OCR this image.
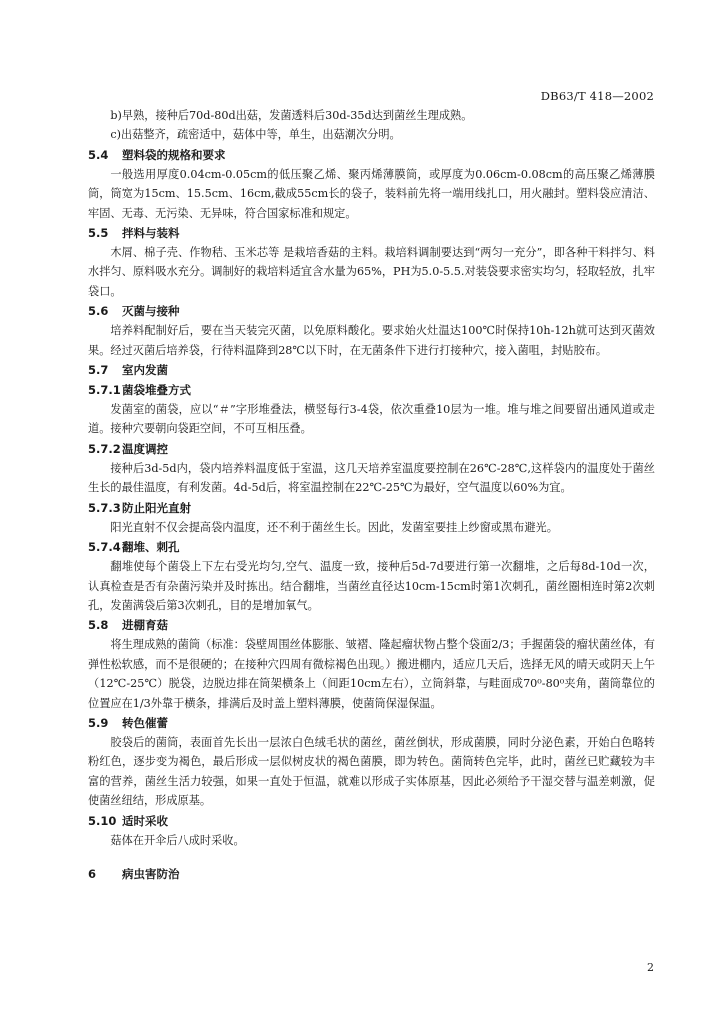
DB63/T 418—2002

b)早熟，接种后70d-80d出菇，发菌透料后30d-35d达到菌丝生理成熟。

c)出菇整齐，疏密适中，菇体中等，单生，出菇潮次分明。

5.4 塑料袋的规格和要求

一般选用厚度0.04cm-0.05cm的低压聚乙烯、聚丙烯薄膜筒，或厚度为0.06cm-0.08cm的高压聚乙烯薄膜筒，筒宽为15cm、15.5cm、16cm,截成55cm长的袋子，装料前先将一端用线扎口，用火融封。塑料袋应清洁、牢固、无毒、无污染、无异味，符合国家标准和规定。

5.5 拌料与装料

木屑、棉子壳、作物秸、玉米芯等 是栽培香菇的主料。栽培料调制要达到“两匀一充分”，即各种干料拌匀、料水拌匀、原料吸水充分。调制好的栽培料适宜含水量为65%，PH为5.0-5.5.对装袋要求密实均匀，轻取轻放，扎牢袋口。

5.6 灭菌与接种

培养料配制好后，要在当天装完灭菌，以免原料酸化。要求始火灶温达100℃时保持10h-12h就可达到灭菌效果。经过灭菌后培养袋，行待料温降到28℃以下时，在无菌条件下进行打接种穴，接入菌咀，封贴胶布。

5.7 室内发菌
5.7.1菌袋堆叠方式

发菌室的菌袋，应以“＃”字形堆叠法，横竖每行3-4袋，依次重叠10层为一堆。堆与堆之间要留出通风道或走道。接种穴要朝向袋距空间，不可互相压叠。

5.7.2温度调控

接种后3d-5d内，袋内培养料温度低于室温，这几天培养室温度要控制在26℃-28℃,这样袋内的温度处于菌丝生长的最佳温度，有利发菌。4d-5d后，将室温控制在22℃-25℃为最好，空气温度以60%为宜。

5.7.3防止阳光直射

阳光直射不仅会提高袋内温度，还不利于菌丝生长。因此，发菌室要挂上纱窗或黑布避光。

5.7.4翻堆、刺孔

翻堆使每个菌袋上下左右受光均匀,空气、温度一致，接种后5d-7d要进行第一次翻堆，之后每8d-10d一次，认真检查是否有杂菌污染并及时拣出。结合翻堆，当菌丝直径达10cm-15cm时第1次刺孔，菌丝圈相连时第2次刺孔，发菌满袋后第3次刺孔，目的是增加氧气。

5.8 进棚育菇

将生理成熟的菌筒（标准：袋壁周围丝体膨胀、皱褶、隆起瘤状物占整个袋面2/3；手握菌袋的瘤状菌丝体，有弹性松软感，而不是很硬的；在接种穴四周有微棕褐色出现。）搬进棚内，适应几天后，选择无风的晴天或阴天上午（12℃-25℃）脱袋，边脱边排在筒架横条上（间距10cm左右），立筒斜靠，与畦面成70⁰-80⁰夹角，菌筒靠位的位置应在1/3外靠于横条，排满后及时盖上塑料薄膜，使菌筒保湿保温。

5.9 转色催蕾

胶袋后的菌筒，表面首先长出一层浓白色绒毛状的菌丝，菌丝倒状，形成菌膜，同时分泌色素，开始白色略转粉红色，逐步变为褐色，最后形成一层似树皮状的褐色菌膜，即为转色。菌筒转色完毕，此时，菌丝已贮藏较为丰富的营养，菌丝生活力较强，如果一直处于恒温，就难以形成子实体原基，因此必须给予干湿交替与温差刺激，促使菌丝纽结，形成原基。

5.10 适时采收

菇体在开伞后八成时采收。

6 病虫害防治
2
